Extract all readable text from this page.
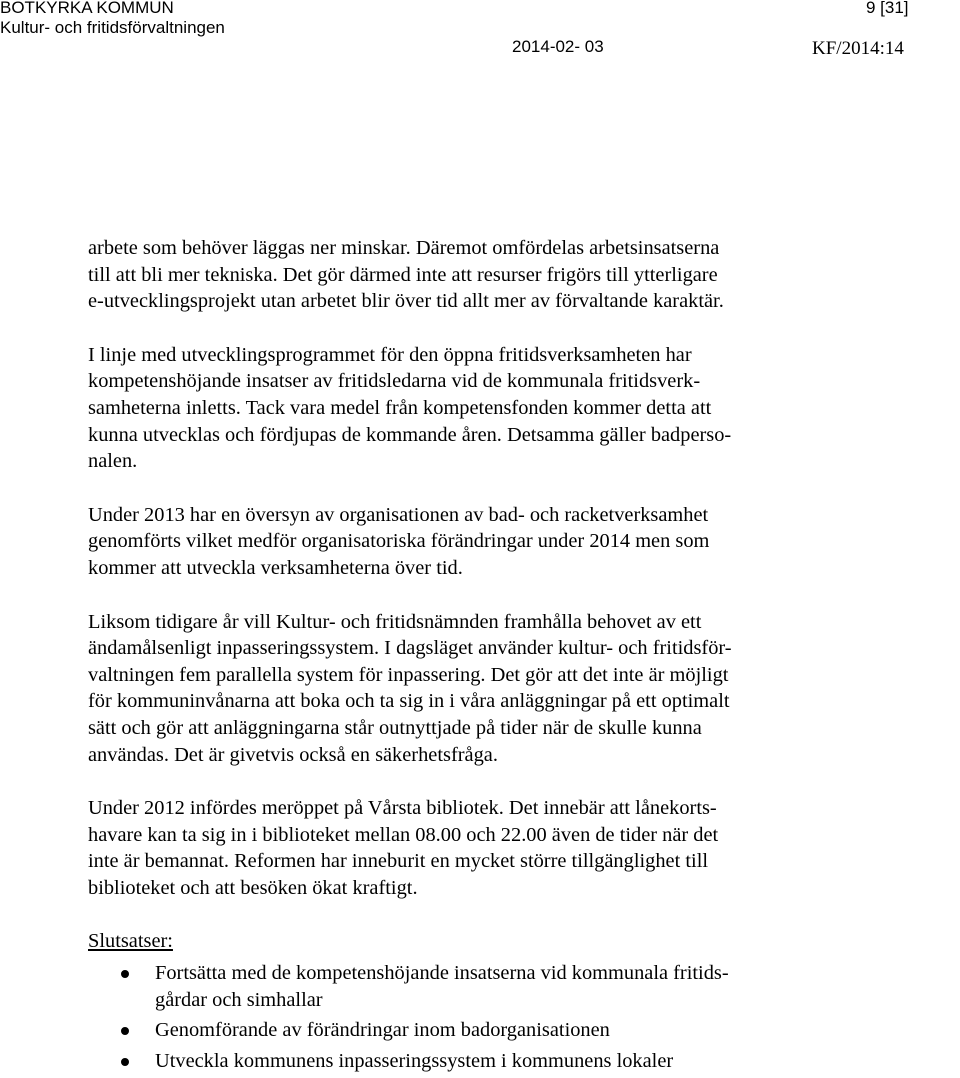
BOTKYRKA KOMMUN
Kultur- och fritidsförvaltningen
9 [31]
2014-02- 03	KF/2014:14
arbete som behöver läggas ner minskar. Däremot omfördelas arbetsinsatserna
till att bli mer tekniska. Det gör därmed inte att resurser frigörs till ytterligare
e-utvecklingsprojekt utan arbetet blir över tid allt mer av förvaltande karaktär.
I linje med utvecklingsprogrammet för den öppna fritidsverksamheten har
kompetenshöjande insatser av fritidsledarna vid de kommunala fritidsverk-
samheterna inletts. Tack vara medel från kompetensfonden kommer detta att
kunna utvecklas och fördjupas de kommande åren. Detsamma gäller badperso-
nalen.
Under 2013 har en översyn av organisationen av bad- och racketverksamhet
genomförts vilket medför organisatoriska förändringar under 2014 men som
kommer att utveckla verksamheterna över tid.
Liksom tidigare år vill Kultur- och fritidsnämnden framhålla behovet av ett
ändamålsenligt inpasseringssystem. I dagsläget använder kultur- och fritidsför-
valtningen fem parallella system för inpassering. Det gör att det inte är möjligt
för kommuninvånarna att boka och ta sig in i våra anläggningar på ett optimalt
sätt och gör att anläggningarna står outnyttjade på tider när de skulle kunna
användas. Det är givetvis också en säkerhetsfråga.
Under 2012 infördes meröppet på Vårsta bibliotek. Det innebär att lånekorts-
havare kan ta sig in i biblioteket mellan 08.00 och 22.00 även de tider när det
inte är bemannat. Reformen har inneburit en mycket större tillgänglighet till
biblioteket och att besöken ökat kraftigt.
Slutsatser:
Fortsätta med de kompetenshöjande insatserna vid kommunala fritids-
gårdar och simhallar
Genomförande av förändringar inom badorganisationen
Utveckla kommunens inpasseringssystem i kommunens lokaler
